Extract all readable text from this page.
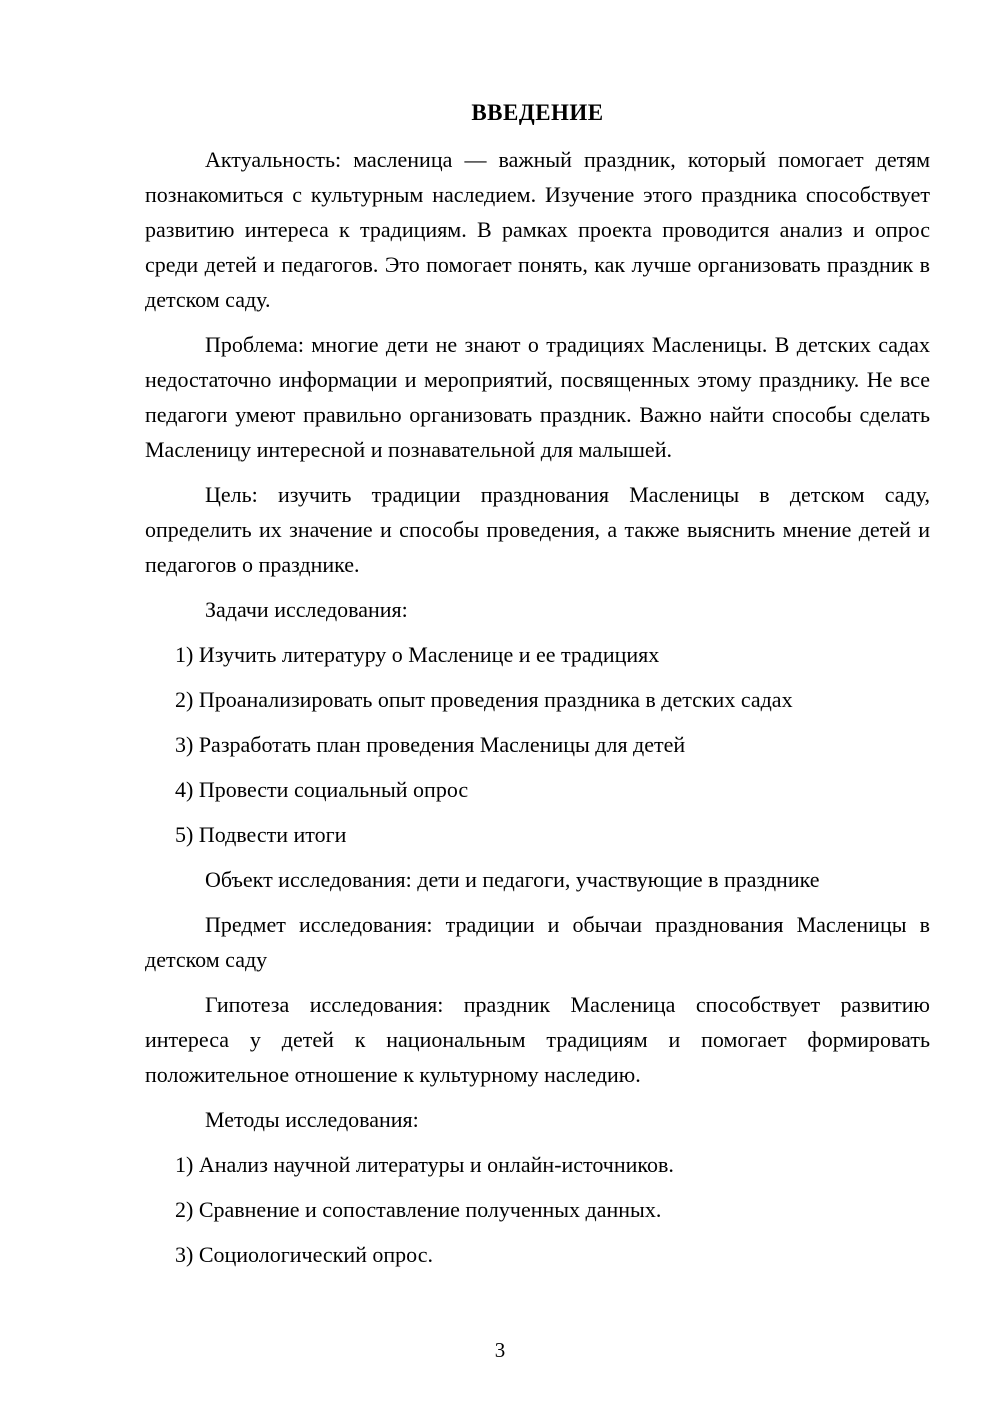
ВВЕДЕНИЕ

Актуальность: масленица — важный праздник, который помогает детям познакомиться с культурным наследием. Изучение этого праздника способствует развитию интереса к традициям. В рамках проекта проводится анализ и опрос среди детей и педагогов. Это помогает понять, как лучше организовать праздник в детском саду.

Проблема: многие дети не знают о традициях Масленицы. В детских садах недостаточно информации и мероприятий, посвященных этому празднику. Не все педагоги умеют правильно организовать праздник. Важно найти способы сделать Масленицу интересной и познавательной для малышей.

Цель: изучить традиции празднования Масленицы в детском саду, определить их значение и способы проведения, а также выяснить мнение детей и педагогов о празднике.

Задачи исследования:

1) Изучить литературу о Масленице и ее традициях

2) Проанализировать опыт проведения праздника в детских садах

3) Разработать план проведения Масленицы для детей

4) Провести социальный опрос

5) Подвести итоги

Объект исследования: дети и педагоги, участвующие в празднике

Предмет исследования: традиции и обычаи празднования Масленицы в детском саду

Гипотеза исследования: праздник Масленица способствует развитию интереса у детей к национальным традициям и помогает формировать положительное отношение к культурному наследию.

Методы исследования:

1) Анализ научной литературы и онлайн-источников.

2) Сравнение и сопоставление полученных данных.

3) Социологический опрос.

3
